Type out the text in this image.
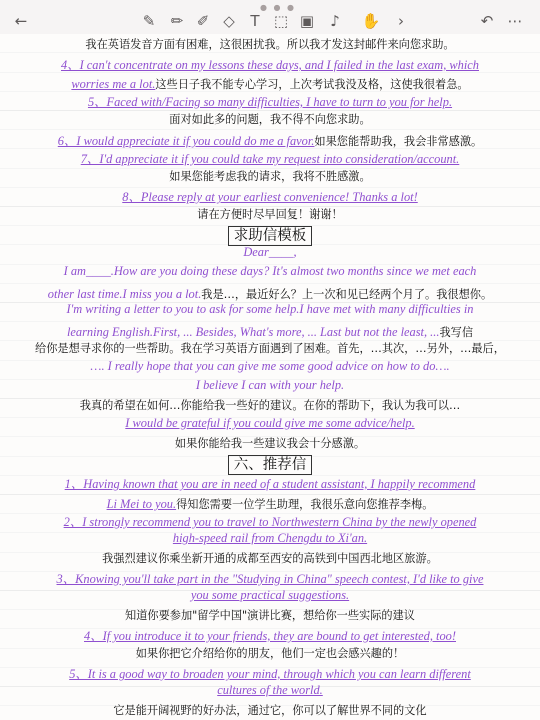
● ● ●
←	✎ ✏ ✐ ◇ T ⬚ ▣ ♪ ✋	›	↶ ⋯
我在英语发音方面有困难，这很困扰我。所以我才发这封邮件来向您求助。
4、I can't concentrate on my lessons these days, and I failed in the last exam, which
worries me a lot.这些日子我不能专心学习，上次考试我没及格，这使我很着急。
5、Faced with/Facing so many difficulties, I have to turn to you for help.
面对如此多的问题，我不得不向您求助。
6、I would appreciate it if you could do me a favor.如果您能帮助我，我会非常感激。
7、I'd appreciate it if you could take my request into consideration/account.
如果您能考虑我的请求，我将不胜感激。
8、Please reply at your earliest convenience! Thanks a lot!
请在方便时尽早回复！谢谢！
求助信模板
Dear____,
I am____.How are you doing these days? It's almost two months since we met each
other last time.I miss you a lot.我是…，最近好么？上一次和见已经两个月了。我很想你。
I'm writing a letter to you to ask for some help.I have met with many difficulties in
learning English.First, ... Besides, What's more, ... Last but not the least, ...我写信
给你是想寻求你的一些帮助。我在学习英语方面遇到了困难。首先，…其次，…另外，…最后，
…. I really hope that you can give me some good advice on how to do….
I believe I can with your help.
我真的希望在如何…你能给我一些好的建议。在你的帮助下，我认为我可以…
I would be grateful if you could give me some advice/help.
如果你能给我一些建议我会十分感激。
六、推荐信
1、Having known that you are in need of a student assistant, I happily recommend
Li Mei to you.得知您需要一位学生助理，我很乐意向您推荐李梅。
2、I strongly recommend you to travel to Northwestern China by the newly opened
high-speed rail from Chengdu to Xi'an.
我强烈建议你乘坐新开通的成都至西安的高铁到中国西北地区旅游。
3、Knowing you'll take part in the "Studying in China" speech contest, I'd like to give
you some practical suggestions.
知道你要参加"留学中国"演讲比赛，想给你一些实际的建议
4、If you introduce it to your friends, they are bound to get interested, too!
如果你把它介绍给你的朋友，他们一定也会感兴趣的！
5、It is a good way to broaden your mind, through which you can learn different
cultures of the world.
它是能开阔视野的好办法，通过它，你可以了解世界不同的文化
